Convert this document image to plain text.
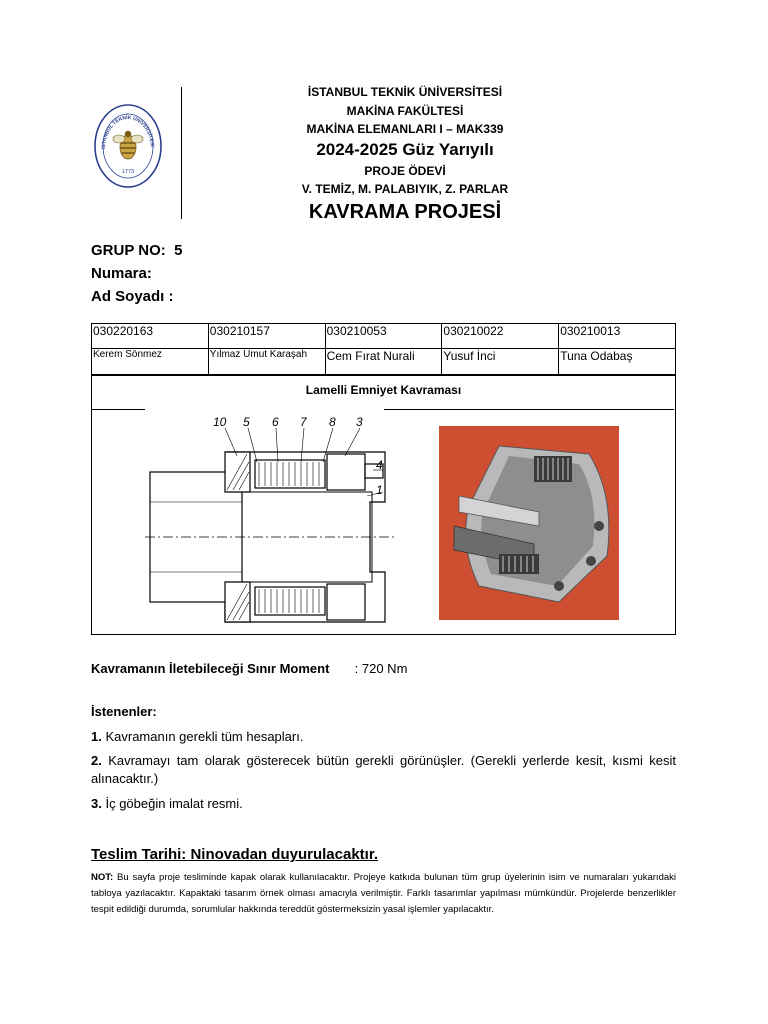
ISTANBUL TEKNİK ÜNİVERSİTESİ
1773
İSTANBUL TEKNİK ÜNİVERSİTESİ
MAKİNA FAKÜLTESİ
MAKİNA ELEMANLARI I – MAK339
2024-2025 Güz Yarıyılı
PROJE ÖDEVİ
V. TEMİZ, M. PALABIYIK, Z. PARLAR
KAVRAMA PROJESİ
GRUP NO: 5
Numara:
Ad Soyadı :
030220163	030210157	030210053	030210022	030210013
Kerem Sönmez	Yılmaz Umut Karaşah	Cem Fırat Nurali	Yusuf İnci	Tuna Odabaş
Lamelli Emniyet Kavraması
10 5 6 7 8 3
4
1
Kavramanın İletebileceği Sınır Moment : 720 Nm
İstenenler:
1. Kavramanın gerekli tüm hesapları.
2. Kavramayı tam olarak gösterecek bütün gerekli görünüşler. (Gerekli yerlerde kesit, kısmi kesit alınacaktır.)
3. İç göbeğin imalat resmi.
Teslim Tarihi: Ninovadan duyurulacaktır.
NOT: Bu sayfa proje tesliminde kapak olarak kullanılacaktır. Projeye katkıda bulunan tüm grup üyelerinin isim ve numaraları yukarıdaki tabloya yazılacaktır. Kapaktaki tasarım örnek olması amacıyla verilmiştir. Farklı tasarımlar yapılması mümkündür. Projelerde benzerlikler tespit edildiği durumda, sorumlular hakkında tereddüt göstermeksizin yasal işlemler yapılacaktır.
